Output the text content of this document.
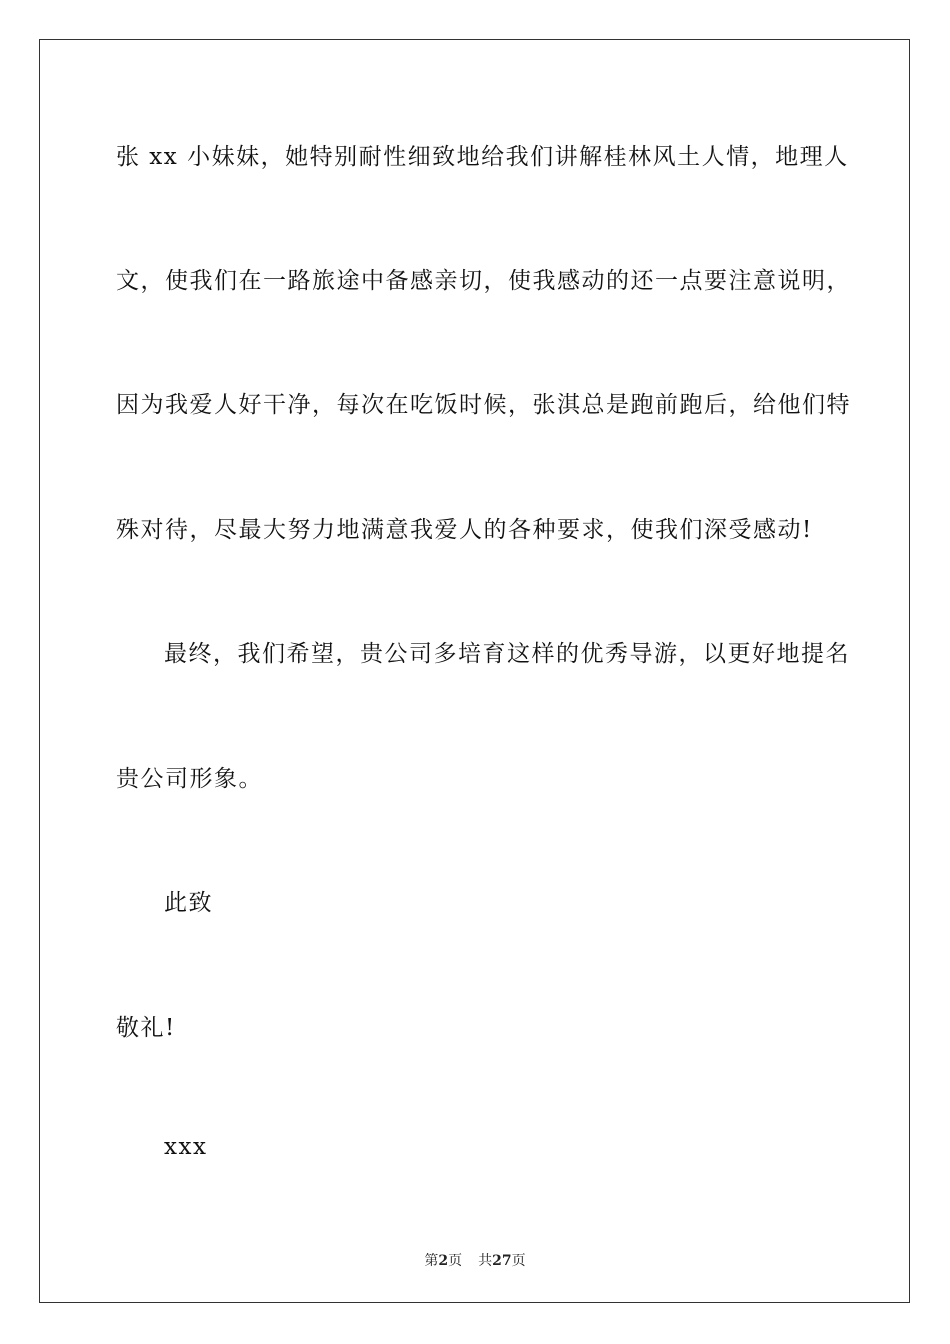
张 xx 小妹妹，她特别耐性细致地给我们讲解桂林风土人情，地理人
文，使我们在一路旅途中备感亲切，使我感动的还一点要注意说明，
因为我爱人好干净，每次在吃饭时候，张淇总是跑前跑后，给他们特
殊对待，尽最大努力地满意我爱人的各种要求，使我们深受感动!
最终，我们希望，贵公司多培育这样的优秀导游，以更好地提名
贵公司形象。
此致
敬礼!
xxx
第2页 共27页
